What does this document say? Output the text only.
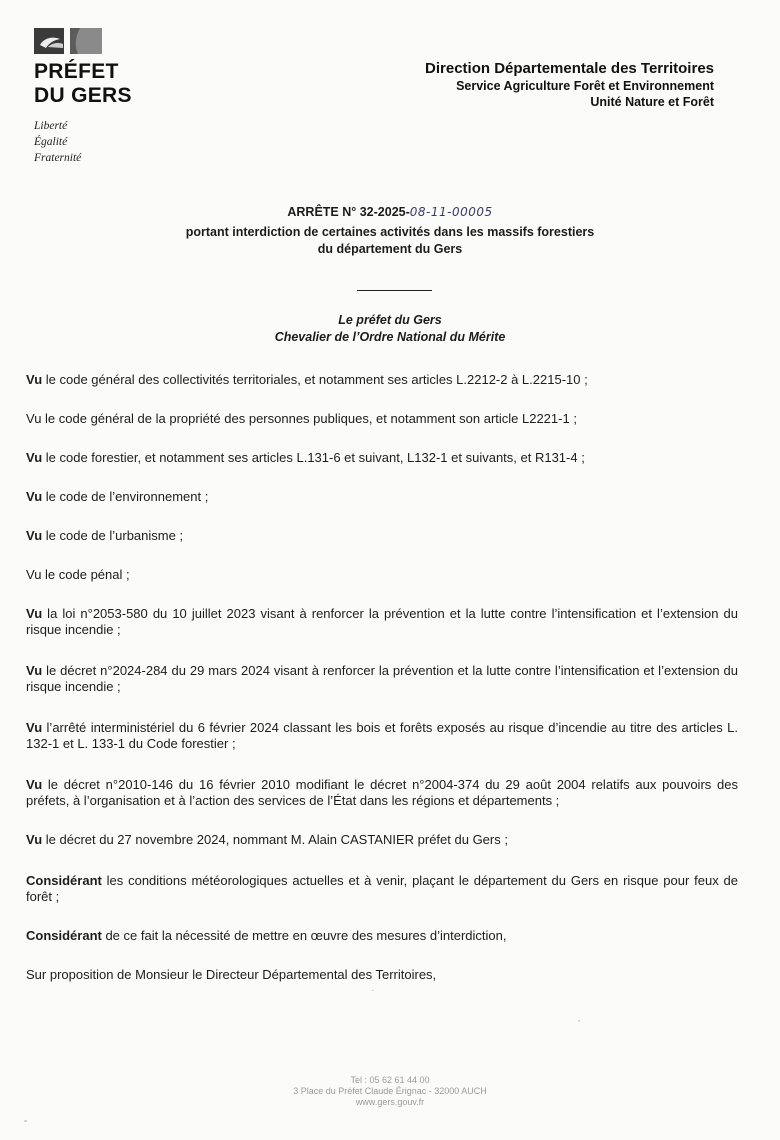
PRÉFET
DU GERS
Liberté
Égalité
Fraternité
Direction Départementale des Territoires
Service Agriculture Forêt et Environnement
Unité Nature et Forêt
ARRÊTE N° 32-2025-08-11-00005
portant interdiction de certaines activités dans les massifs forestiers
du département du Gers
Le préfet du Gers
Chevalier de l’Ordre National du Mérite

Vu le code général des collectivités territoriales, et notamment ses articles L.2212-2 à L.2215-10 ;

Vu le code général de la propriété des personnes publiques, et notamment son article L2221-1 ;

Vu le code forestier, et notamment ses articles L.131-6 et suivant, L132-1 et suivants, et R131-4 ;

Vu le code de l’environnement ;

Vu le code de l’urbanisme ;

Vu le code pénal ;

Vu la loi n°2053-580 du 10 juillet 2023 visant à renforcer la prévention et la lutte contre l’intensification et l’extension du risque incendie ;

Vu le décret n°2024-284 du 29 mars 2024 visant à renforcer la prévention et la lutte contre l’intensification et l’extension du risque incendie ;

Vu l’arrêté interministériel du 6 février 2024 classant les bois et forêts exposés au risque d’incendie au titre des articles L. 132-1 et L. 133-1 du Code forestier ;

Vu le décret n°2010-146 du 16 février 2010 modifiant le décret n°2004-374 du 29 août 2004 relatifs aux pouvoirs des préfets, à l’organisation et à l’action des services de l’État dans les régions et départements ;

Vu le décret du 27 novembre 2024, nommant M. Alain CASTANIER préfet du Gers ;

Considérant les conditions météorologiques actuelles et à venir, plaçant le département du Gers en risque pour feux de forêt ;

Considérant de ce fait la nécessité de mettre en œuvre des mesures d’interdiction,

Sur proposition de Monsieur le Directeur Départemental des Territoires,

Tel : 05 62 61 44 00
3 Place du Préfet Claude Érignac - 32000 AUCH
www.gers.gouv.fr
